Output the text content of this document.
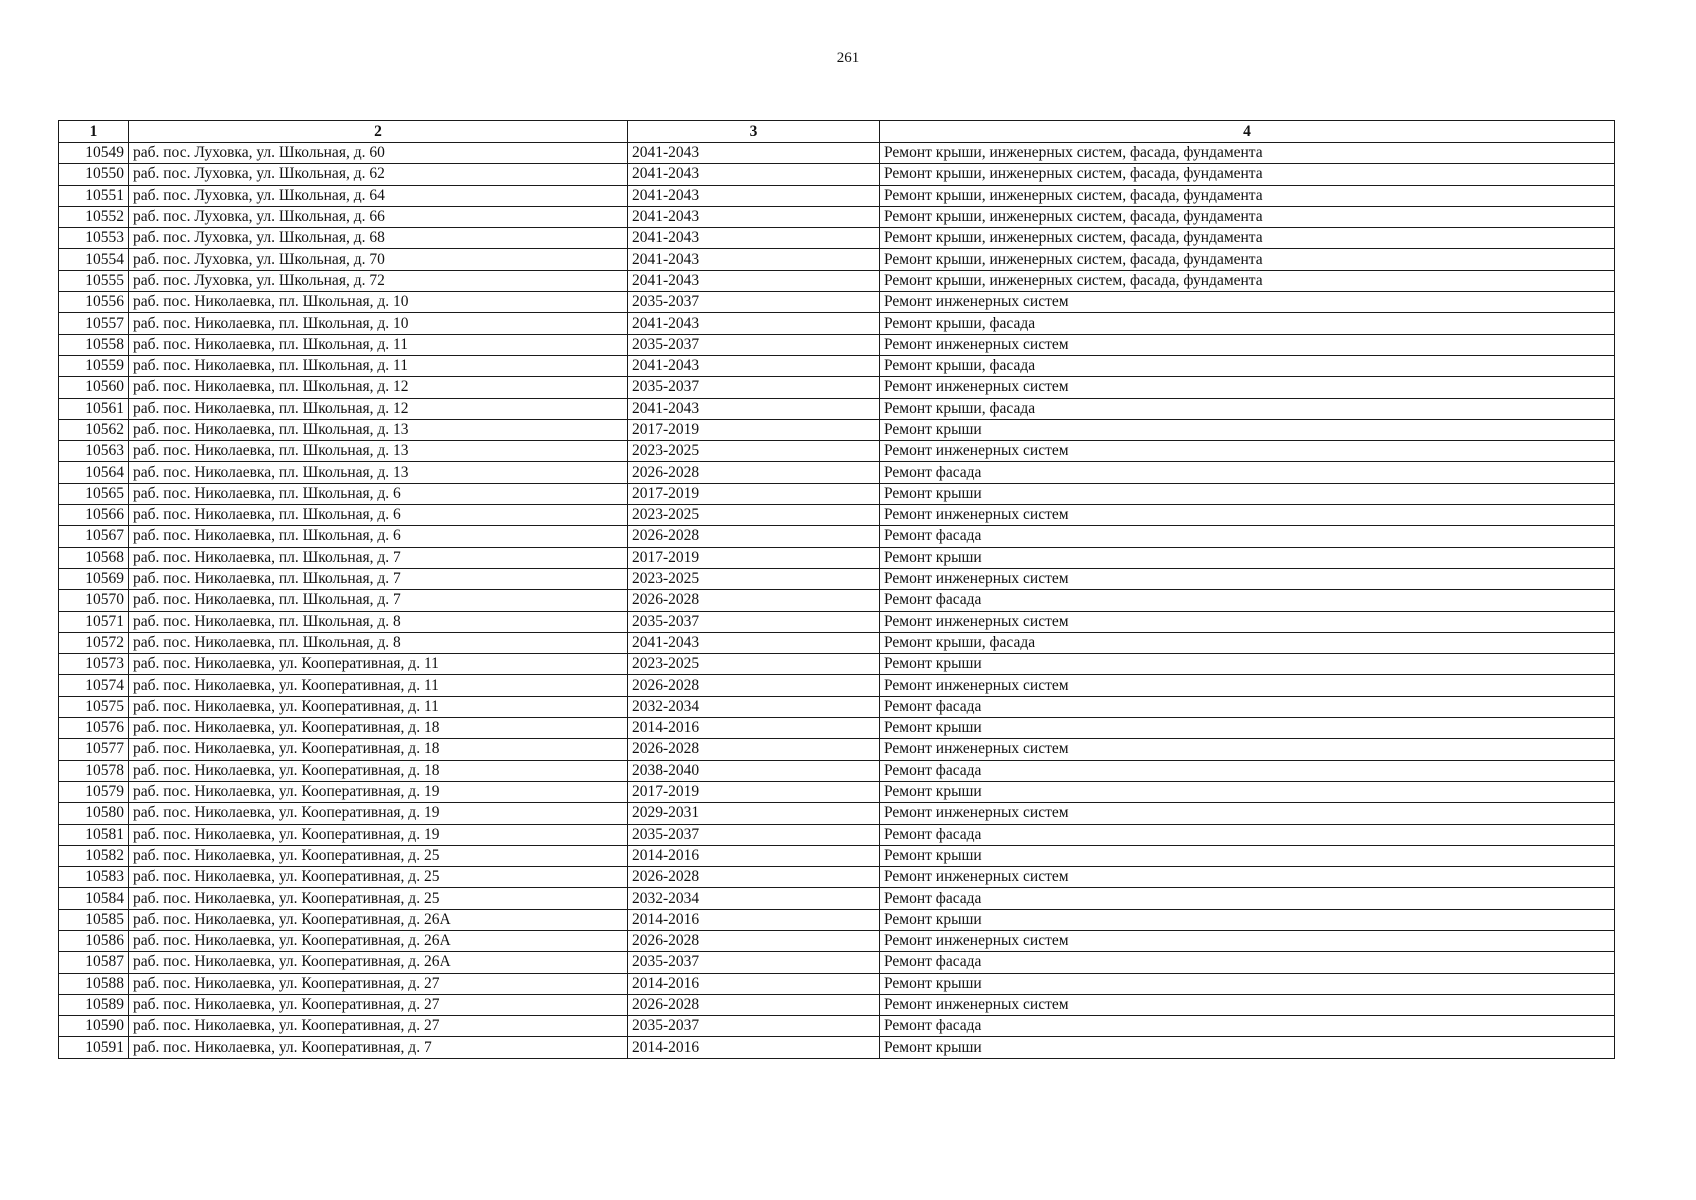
261
1	2	3	4
10549	раб. пос. Луховка, ул. Школьная, д. 60	2041-2043	Ремонт крыши, инженерных систем, фасада, фундамента
10550	раб. пос. Луховка, ул. Школьная, д. 62	2041-2043	Ремонт крыши, инженерных систем, фасада, фундамента
10551	раб. пос. Луховка, ул. Школьная, д. 64	2041-2043	Ремонт крыши, инженерных систем, фасада, фундамента
10552	раб. пос. Луховка, ул. Школьная, д. 66	2041-2043	Ремонт крыши, инженерных систем, фасада, фундамента
10553	раб. пос. Луховка, ул. Школьная, д. 68	2041-2043	Ремонт крыши, инженерных систем, фасада, фундамента
10554	раб. пос. Луховка, ул. Школьная, д. 70	2041-2043	Ремонт крыши, инженерных систем, фасада, фундамента
10555	раб. пос. Луховка, ул. Школьная, д. 72	2041-2043	Ремонт крыши, инженерных систем, фасада, фундамента
10556	раб. пос. Николаевка, пл. Школьная, д. 10	2035-2037	Ремонт инженерных систем
10557	раб. пос. Николаевка, пл. Школьная, д. 10	2041-2043	Ремонт крыши, фасада
10558	раб. пос. Николаевка, пл. Школьная, д. 11	2035-2037	Ремонт инженерных систем
10559	раб. пос. Николаевка, пл. Школьная, д. 11	2041-2043	Ремонт крыши, фасада
10560	раб. пос. Николаевка, пл. Школьная, д. 12	2035-2037	Ремонт инженерных систем
10561	раб. пос. Николаевка, пл. Школьная, д. 12	2041-2043	Ремонт крыши, фасада
10562	раб. пос. Николаевка, пл. Школьная, д. 13	2017-2019	Ремонт крыши
10563	раб. пос. Николаевка, пл. Школьная, д. 13	2023-2025	Ремонт инженерных систем
10564	раб. пос. Николаевка, пл. Школьная, д. 13	2026-2028	Ремонт фасада
10565	раб. пос. Николаевка, пл. Школьная, д. 6	2017-2019	Ремонт крыши
10566	раб. пос. Николаевка, пл. Школьная, д. 6	2023-2025	Ремонт инженерных систем
10567	раб. пос. Николаевка, пл. Школьная, д. 6	2026-2028	Ремонт фасада
10568	раб. пос. Николаевка, пл. Школьная, д. 7	2017-2019	Ремонт крыши
10569	раб. пос. Николаевка, пл. Школьная, д. 7	2023-2025	Ремонт инженерных систем
10570	раб. пос. Николаевка, пл. Школьная, д. 7	2026-2028	Ремонт фасада
10571	раб. пос. Николаевка, пл. Школьная, д. 8	2035-2037	Ремонт инженерных систем
10572	раб. пос. Николаевка, пл. Школьная, д. 8	2041-2043	Ремонт крыши, фасада
10573	раб. пос. Николаевка, ул. Кооперативная, д. 11	2023-2025	Ремонт крыши
10574	раб. пос. Николаевка, ул. Кооперативная, д. 11	2026-2028	Ремонт инженерных систем
10575	раб. пос. Николаевка, ул. Кооперативная, д. 11	2032-2034	Ремонт фасада
10576	раб. пос. Николаевка, ул. Кооперативная, д. 18	2014-2016	Ремонт крыши
10577	раб. пос. Николаевка, ул. Кооперативная, д. 18	2026-2028	Ремонт инженерных систем
10578	раб. пос. Николаевка, ул. Кооперативная, д. 18	2038-2040	Ремонт фасада
10579	раб. пос. Николаевка, ул. Кооперативная, д. 19	2017-2019	Ремонт крыши
10580	раб. пос. Николаевка, ул. Кооперативная, д. 19	2029-2031	Ремонт инженерных систем
10581	раб. пос. Николаевка, ул. Кооперативная, д. 19	2035-2037	Ремонт фасада
10582	раб. пос. Николаевка, ул. Кооперативная, д. 25	2014-2016	Ремонт крыши
10583	раб. пос. Николаевка, ул. Кооперативная, д. 25	2026-2028	Ремонт инженерных систем
10584	раб. пос. Николаевка, ул. Кооперативная, д. 25	2032-2034	Ремонт фасада
10585	раб. пос. Николаевка, ул. Кооперативная, д. 26А	2014-2016	Ремонт крыши
10586	раб. пос. Николаевка, ул. Кооперативная, д. 26А	2026-2028	Ремонт инженерных систем
10587	раб. пос. Николаевка, ул. Кооперативная, д. 26А	2035-2037	Ремонт фасада
10588	раб. пос. Николаевка, ул. Кооперативная, д. 27	2014-2016	Ремонт крыши
10589	раб. пос. Николаевка, ул. Кооперативная, д. 27	2026-2028	Ремонт инженерных систем
10590	раб. пос. Николаевка, ул. Кооперативная, д. 27	2035-2037	Ремонт фасада
10591	раб. пос. Николаевка, ул. Кооперативная, д. 7	2014-2016	Ремонт крыши
